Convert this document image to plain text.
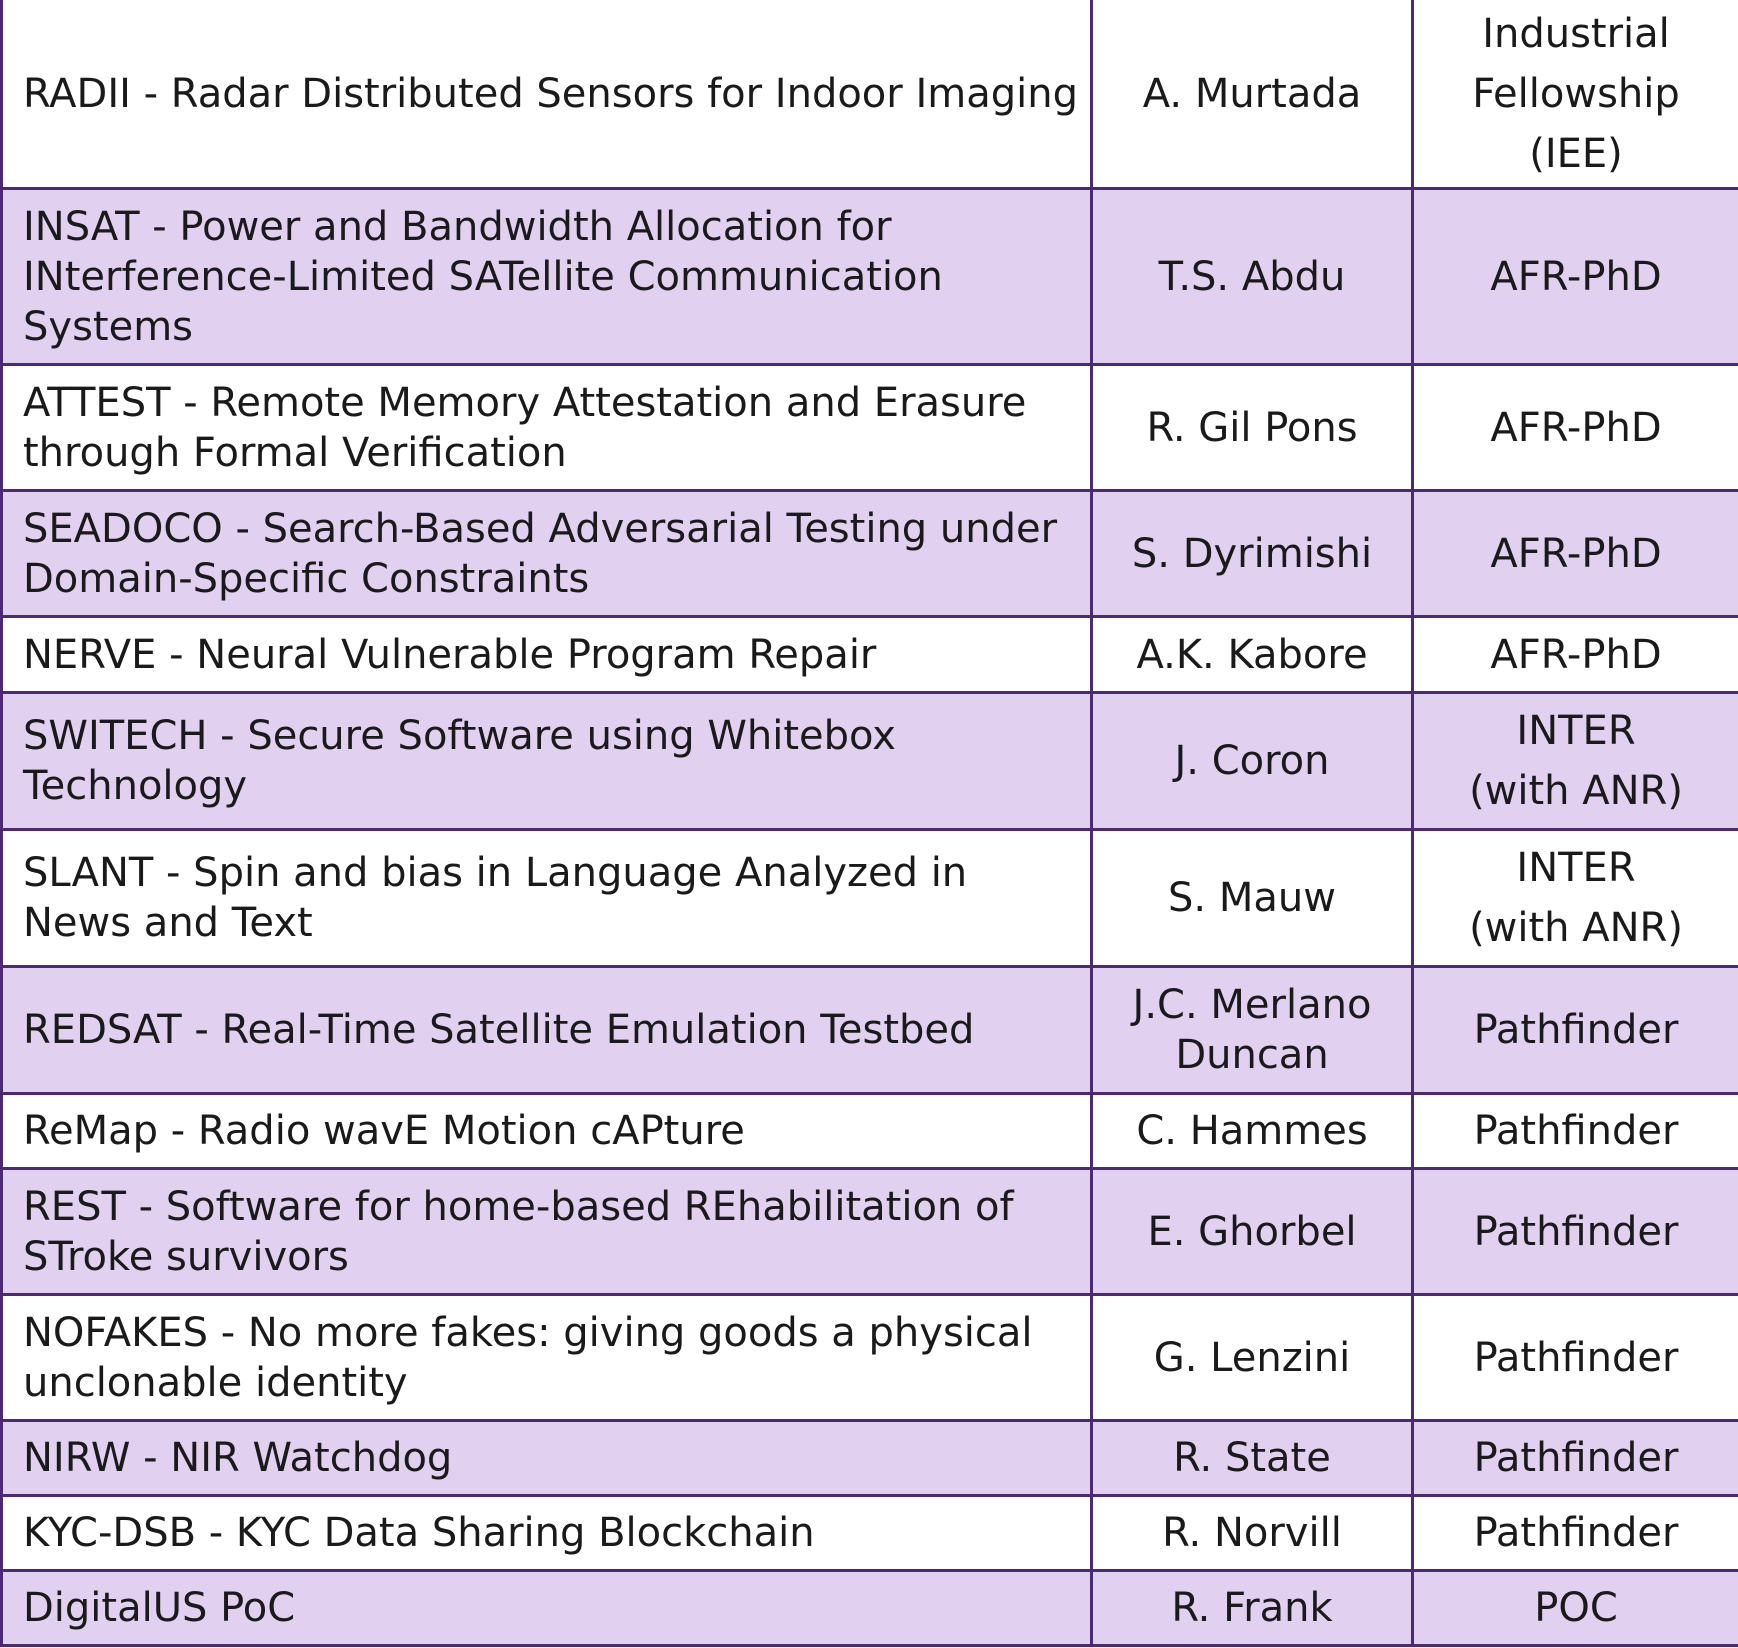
RADII - Radar Distributed Sensors for Indoor Imaging	A. Murtada	Industrial
Fellowship
(IEE)

INSAT - Power and Bandwidth Allocation for INterference-Limited SATellite Communication Systems	T.S. Abdu	AFR-PhD

ATTEST - Remote Memory Attestation and Erasure through Formal Verification	R. Gil Pons	AFR-PhD

SEADOCO - Search-Based Adversarial Testing under Domain-Specific Constraints	S. Dyrimishi	AFR-PhD

NERVE - Neural Vulnerable Program Repair	A.K. Kabore	AFR-PhD

SWITECH - Secure Software using Whitebox Technology	J. Coron	INTER
(with ANR)

SLANT - Spin and bias in Language Analyzed in News and Text	S. Mauw	INTER
(with ANR)

REDSAT - Real-Time Satellite Emulation Testbed	J.C. Merlano
Duncan	Pathfinder

ReMap - Radio wavE Motion cAPture	C. Hammes	Pathfinder

REST - Software for home-based REhabilitation of STroke survivors	E. Ghorbel	Pathfinder

NOFAKES - No more fakes: giving goods a physical unclonable identity	G. Lenzini	Pathfinder

NIRW - NIR Watchdog	R. State	Pathfinder

KYC-DSB - KYC Data Sharing Blockchain	R. Norvill	Pathfinder

DigitalUS PoC	R. Frank	POC
